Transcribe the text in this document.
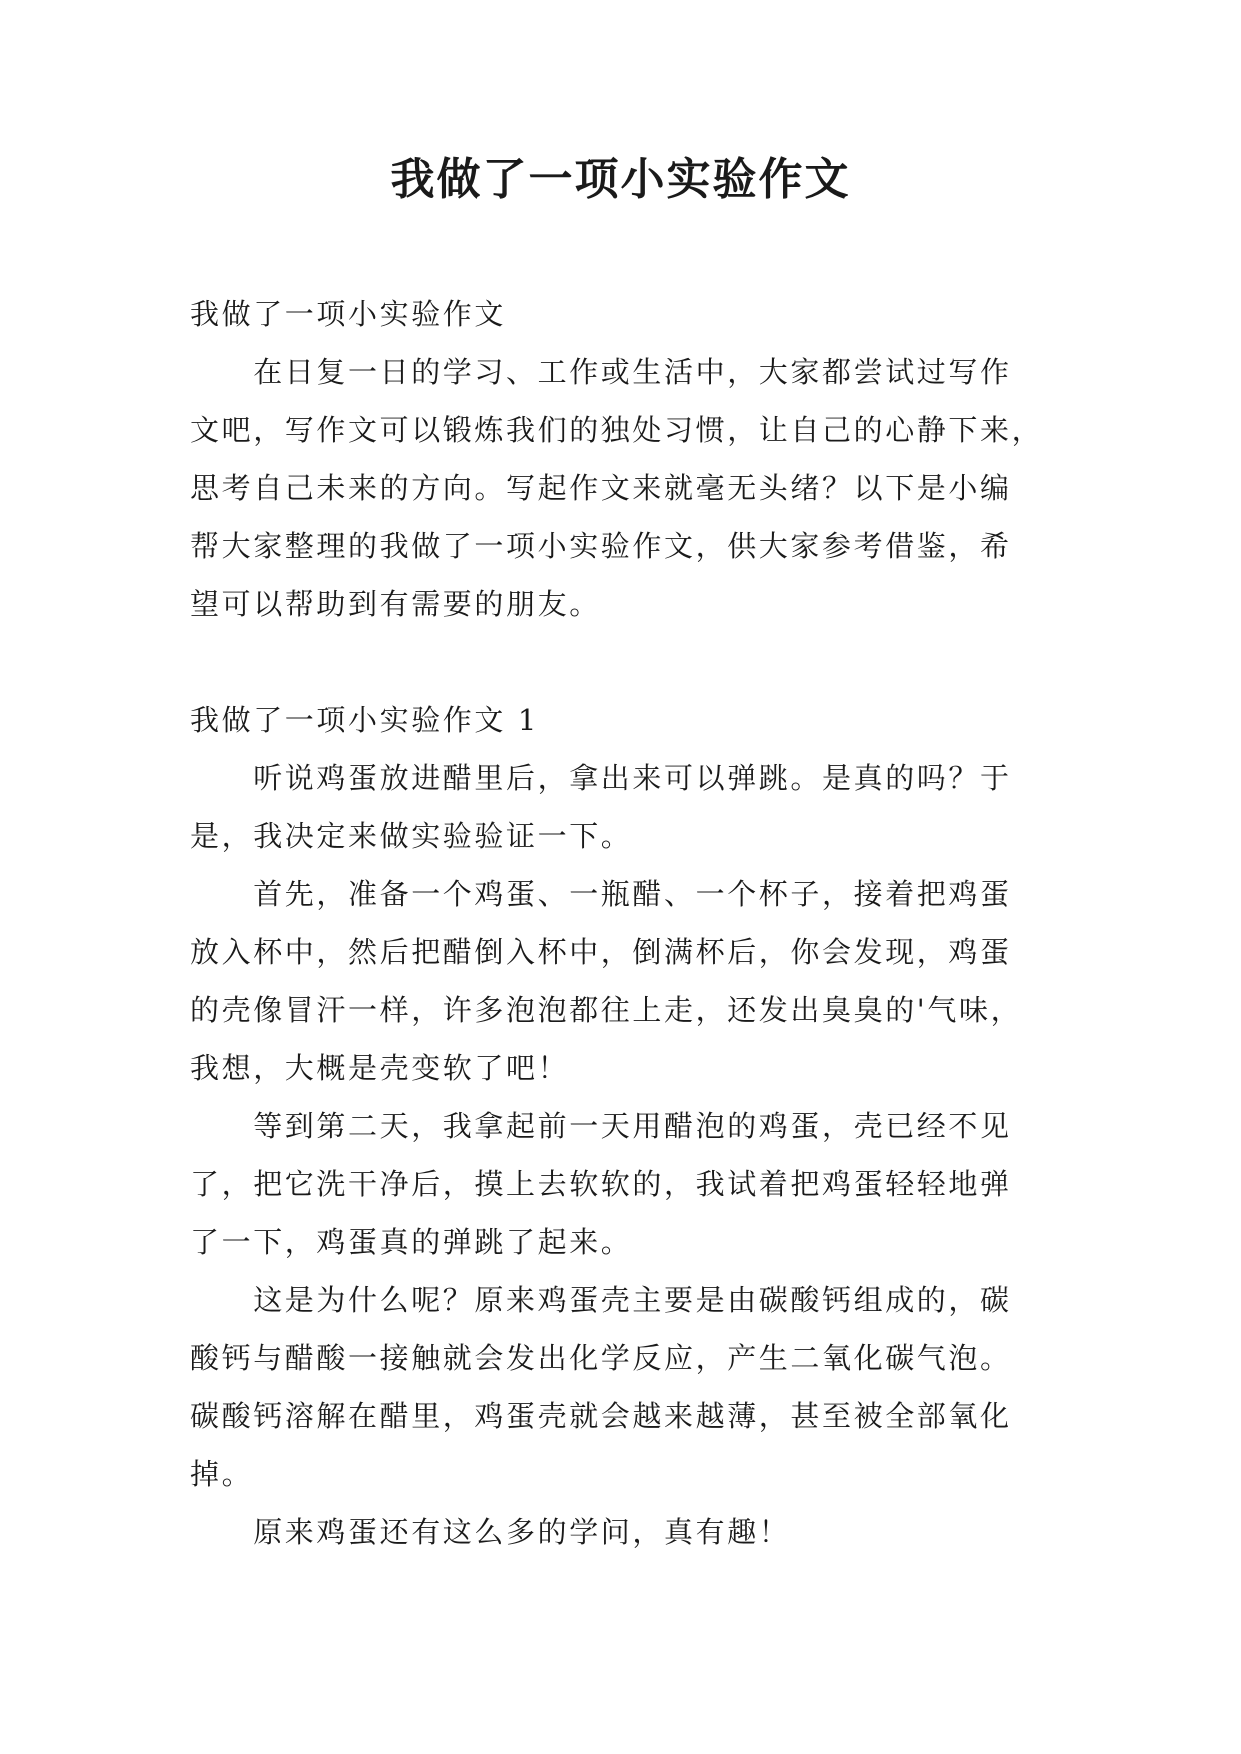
我做了一项小实验作文
我做了一项小实验作文
　　在日复一日的学习、工作或生活中，大家都尝试过写作
文吧，写作文可以锻炼我们的独处习惯，让自己的心静下来，
思考自己未来的方向。写起作文来就毫无头绪？以下是小编
帮大家整理的我做了一项小实验作文，供大家参考借鉴，希
望可以帮助到有需要的朋友。
我做了一项小实验作文 1
　　听说鸡蛋放进醋里后，拿出来可以弹跳。是真的吗？于
是，我决定来做实验验证一下。
　　首先，准备一个鸡蛋、一瓶醋、一个杯子，接着把鸡蛋
放入杯中，然后把醋倒入杯中，倒满杯后，你会发现，鸡蛋
的壳像冒汗一样，许多泡泡都往上走，还发出臭臭的'气味，
我想，大概是壳变软了吧！
　　等到第二天，我拿起前一天用醋泡的鸡蛋，壳已经不见
了，把它洗干净后，摸上去软软的，我试着把鸡蛋轻轻地弹
了一下，鸡蛋真的弹跳了起来。
　　这是为什么呢？原来鸡蛋壳主要是由碳酸钙组成的，碳
酸钙与醋酸一接触就会发出化学反应，产生二氧化碳气泡。
碳酸钙溶解在醋里，鸡蛋壳就会越来越薄，甚至被全部氧化
掉。
　　原来鸡蛋还有这么多的学问，真有趣！
